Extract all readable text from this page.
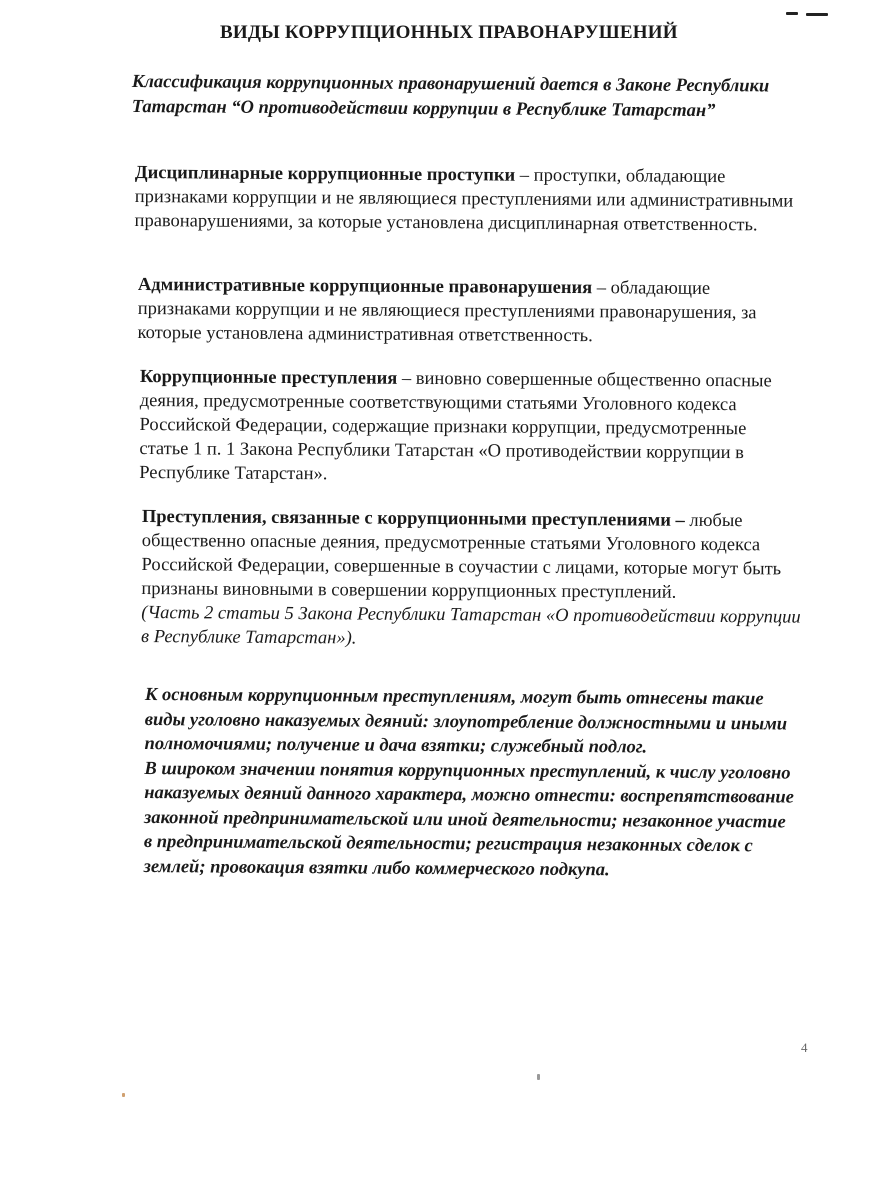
ВИДЫ КОРРУПЦИОННЫХ ПРАВОНАРУШЕНИЙ
Классификация коррупционных правонарушений дается в Законе Республики Татарстан “О противодействии коррупции в Республике Татарстан”
Дисциплинарные коррупционные проступки – проступки, обладающие признаками коррупции и не являющиеся преступлениями или административными правонарушениями, за которые установлена дисциплинарная ответственность.
Административные коррупционные правонарушения – обладающие признаками коррупции и не являющиеся преступлениями правонарушения, за которые установлена административная ответственность.
Коррупционные преступления – виновно совершенные общественно опасные деяния, предусмотренные соответствующими статьями Уголовного кодекса Российской Федерации, содержащие признаки коррупции, предусмотренные статье 1 п. 1 Закона Республики Татарстан «О противодействии коррупции в Республике Татарстан».
Преступления, связанные с коррупционными преступлениями – любые общественно опасные деяния, предусмотренные статьями Уголовного кодекса Российской Федерации, совершенные в соучастии с лицами, которые могут быть признаны виновными в совершении коррупционных преступлений.
(Часть 2 статьи 5 Закона Республики Татарстан «О противодействии коррупции в Республике Татарстан»).
К основным коррупционным преступлениям, могут быть отнесены такие виды уголовно наказуемых деяний: злоупотребление должностными и иными полномочиями; получение и дача взятки; служебный подлог.
В широком значении понятия коррупционных преступлений, к числу уголовно наказуемых деяний данного характера, можно отнести: воспрепятствование законной предпринимательской или иной деятельности; незаконное участие в предпринимательской деятельности; регистрация незаконных сделок с землей; провокация взятки либо коммерческого подкупа.
4
